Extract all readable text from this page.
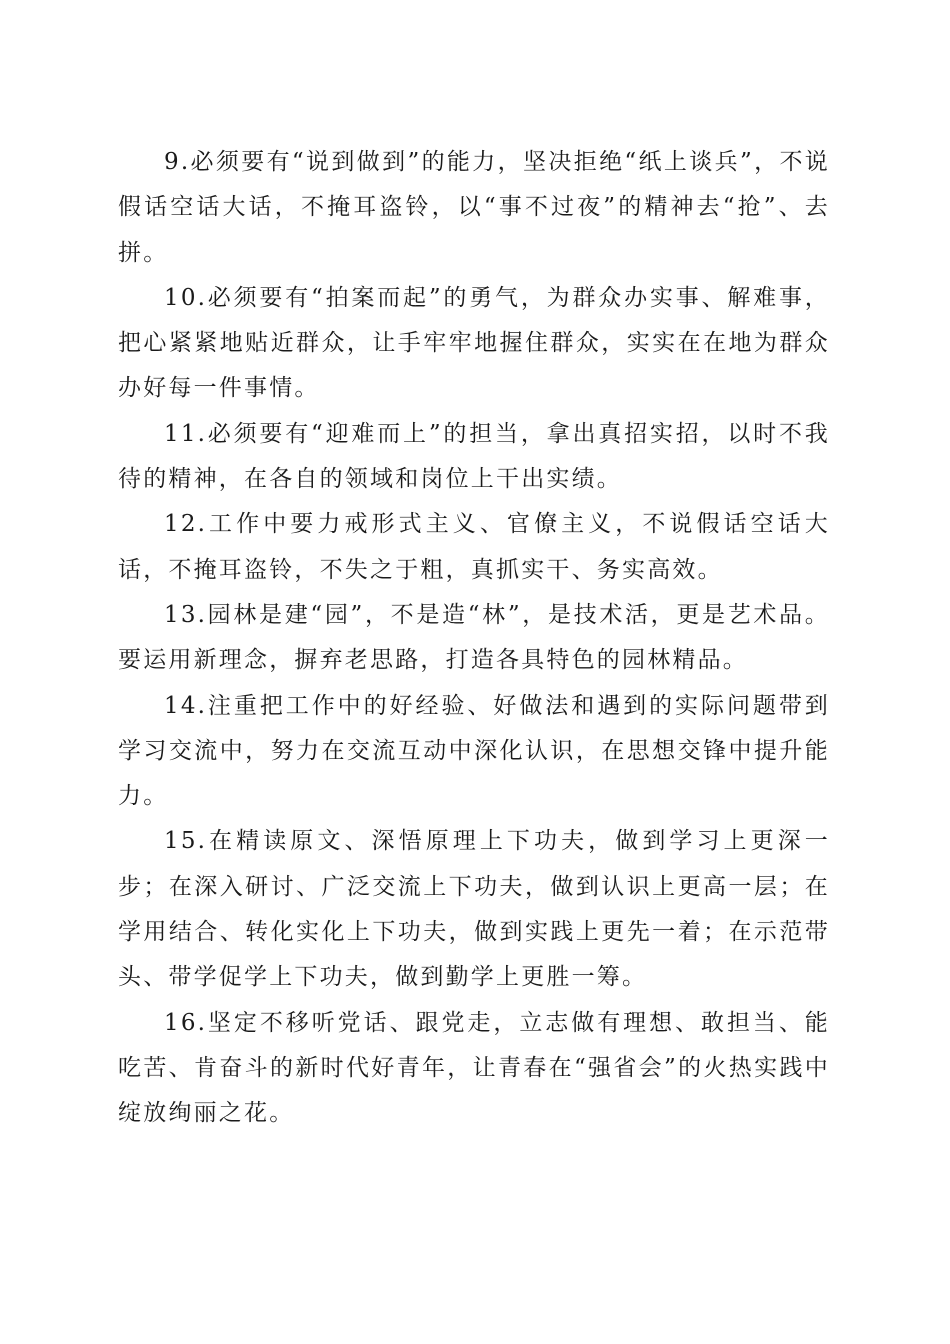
9.必须要有“说到做到”的能力，坚决拒绝“纸上谈兵”，不说假话空话大话，不掩耳盗铃，以“事不过夜”的精神去“抢”、去拼。

10.必须要有“拍案而起”的勇气，为群众办实事、解难事，把心紧紧地贴近群众，让手牢牢地握住群众，实实在在地为群众办好每一件事情。

11.必须要有“迎难而上”的担当，拿出真招实招，以时不我待的精神，在各自的领域和岗位上干出实绩。

12.工作中要力戒形式主义、官僚主义，不说假话空话大话，不掩耳盗铃，不失之于粗，真抓实干、务实高效。

13.园林是建“园”，不是造“林”，是技术活，更是艺术品。要运用新理念，摒弃老思路，打造各具特色的园林精品。

14.注重把工作中的好经验、好做法和遇到的实际问题带到学习交流中，努力在交流互动中深化认识，在思想交锋中提升能力。

15.在精读原文、深悟原理上下功夫，做到学习上更深一步；在深入研讨、广泛交流上下功夫，做到认识上更高一层；在学用结合、转化实化上下功夫，做到实践上更先一着；在示范带头、带学促学上下功夫，做到勤学上更胜一筹。

16.坚定不移听党话、跟党走，立志做有理想、敢担当、能吃苦、肯奋斗的新时代好青年，让青春在“强省会”的火热实践中绽放绚丽之花。
